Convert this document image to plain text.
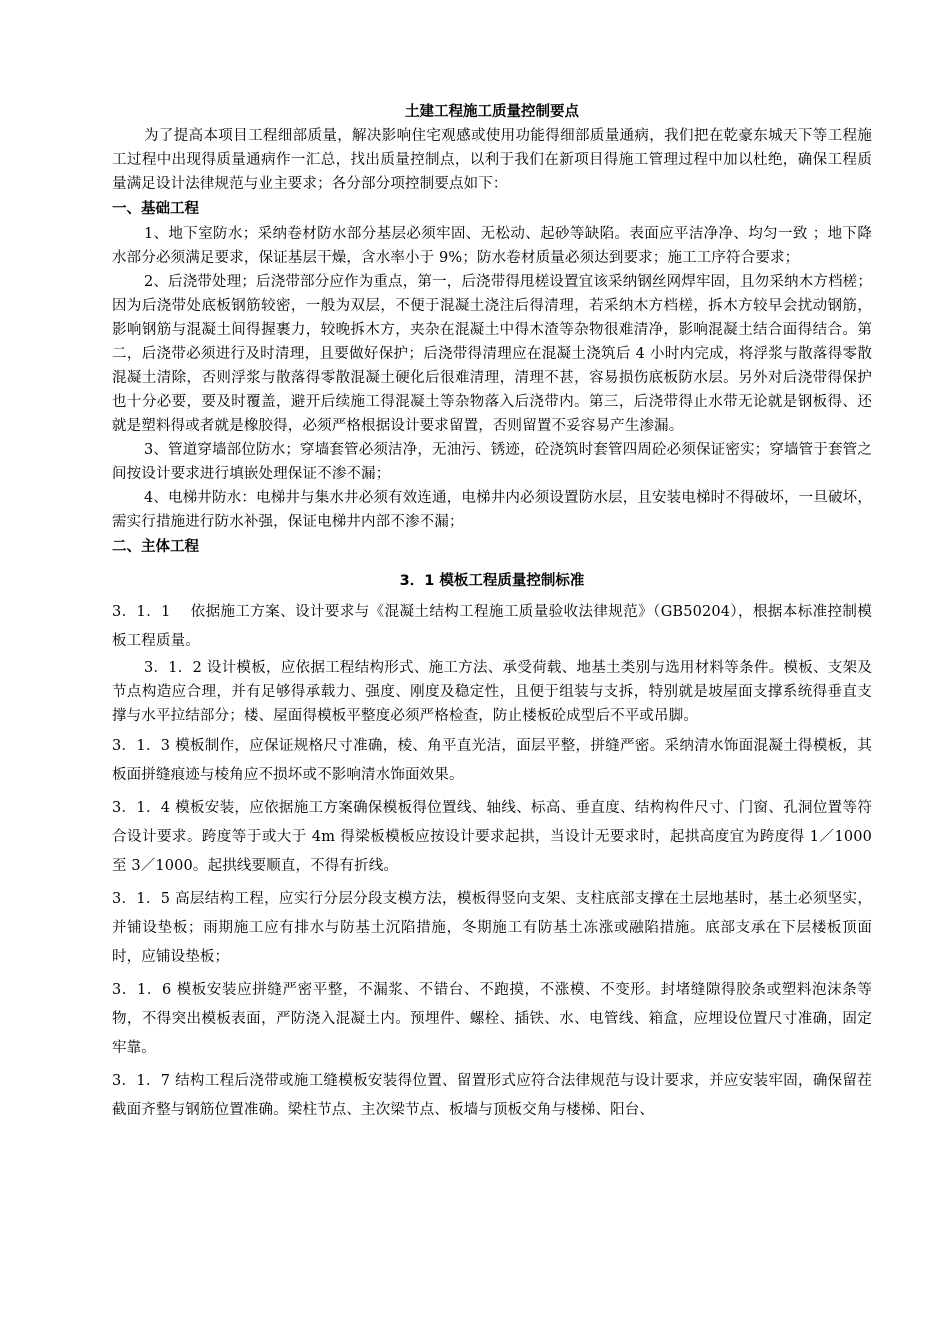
土建工程施工质量控制要点

为了提高本项目工程细部质量，解决影响住宅观感或使用功能得细部质量通病，我们把在乾豪东城天下等工程施工过程中出现得质量通病作一汇总，找出质量控制点，以利于我们在新项目得施工管理过程中加以杜绝，确保工程质量满足设计法律规范与业主要求；各分部分项控制要点如下：

一、基础工程

1、地下室防水；采纳卷材防水部分基层必须牢固、无松动、起砂等缺陷。表面应平洁净净、均匀一致 ；地下降水部分必须满足要求，保证基层干燥，含水率小于 9%；防水卷材质量必须达到要求；施工工序符合要求；

2、后浇带处理；后浇带部分应作为重点，第一，后浇带得甩槎设置宜该采纳钢丝网焊牢固，且勿采纳木方档槎；因为后浇带处底板钢筋较密，一般为双层，不便于混凝土浇注后得清理，若采纳木方档槎，拆木方较早会扰动钢筋，影响钢筋与混凝土间得握裹力，较晚拆木方，夹杂在混凝土中得木渣等杂物很难清净，影响混凝土结合面得结合。第二，后浇带必须进行及时清理，且要做好保护；后浇带得清理应在混凝土浇筑后 4 小时内完成，将浮浆与散落得零散混凝土清除，否则浮浆与散落得零散混凝土硬化后很难清理，清理不甚，容易损伤底板防水层。另外对后浇带得保护也十分必要，要及时覆盖，避开后续施工得混凝土等杂物落入后浇带内。第三，后浇带得止水带无论就是钢板得、还就是塑料得或者就是橡胶得，必须严格根据设计要求留置，否则留置不妥容易产生渗漏。

3、管道穿墙部位防水；穿墙套管必须洁净，无油污、锈迹，砼浇筑时套管四周砼必须保证密实；穿墙管于套管之间按设计要求进行填嵌处理保证不渗不漏；

4、电梯井防水：电梯井与集水井必须有效连通，电梯井内必须设置防水层，且安装电梯时不得破坏，一旦破坏，需实行措施进行防水补强，保证电梯井内部不渗不漏；

二、主体工程
3．1 模板工程质量控制标准

3．1．1　 依据施工方案、设计要求与《混凝土结构工程施工质量验收法律规范》（GB50204），根据本标准控制模板工程质量。

3．1．2 设计模板，应依据工程结构形式、施工方法、承受荷载、地基土类别与选用材料等条件。模板、支架及节点构造应合理，并有足够得承载力、强度、刚度及稳定性，且便于组装与支拆，特别就是坡屋面支撑系统得垂直支撑与水平拉结部分；楼、屋面得模板平整度必须严格检查，防止楼板砼成型后不平或吊脚。

3．1．3 模板制作，应保证规格尺寸准确，棱、角平直光洁，面层平整，拼缝严密。采纳清水饰面混凝土得模板，其板面拼缝痕迹与棱角应不损坏或不影响清水饰面效果。

3．1．4 模板安装，应依据施工方案确保模板得位置线、轴线、标高、垂直度、结构构件尺寸、门窗、孔洞位置等符合设计要求。跨度等于或大于 4m 得梁板模板应按设计要求起拱，当设计无要求时，起拱高度宜为跨度得 1／1000 至 3／1000。起拱线要顺直，不得有折线。

3．1．5 高层结构工程，应实行分层分段支模方法，模板得竖向支架、支柱底部支撑在土层地基时，基土必须坚实，并铺设垫板；雨期施工应有排水与防基土沉陷措施，冬期施工有防基土冻涨或融陷措施。底部支承在下层楼板顶面时，应铺设垫板；

3．1．6 模板安装应拼缝严密平整，不漏浆、不错台、不跑摸，不涨模、不变形。封堵缝隙得胶条或塑料泡沫条等物，不得突出模板表面，严防浇入混凝土内。预埋件、螺栓、插铁、水、电管线、箱盒，应埋设位置尺寸准确，固定牢靠。

3．1．7 结构工程后浇带或施工缝模板安装得位置、留置形式应符合法律规范与设计要求，并应安装牢固，确保留茬截面齐整与钢筋位置准确。梁柱节点、主次梁节点、板墙与顶板交角与楼梯、阳台、
